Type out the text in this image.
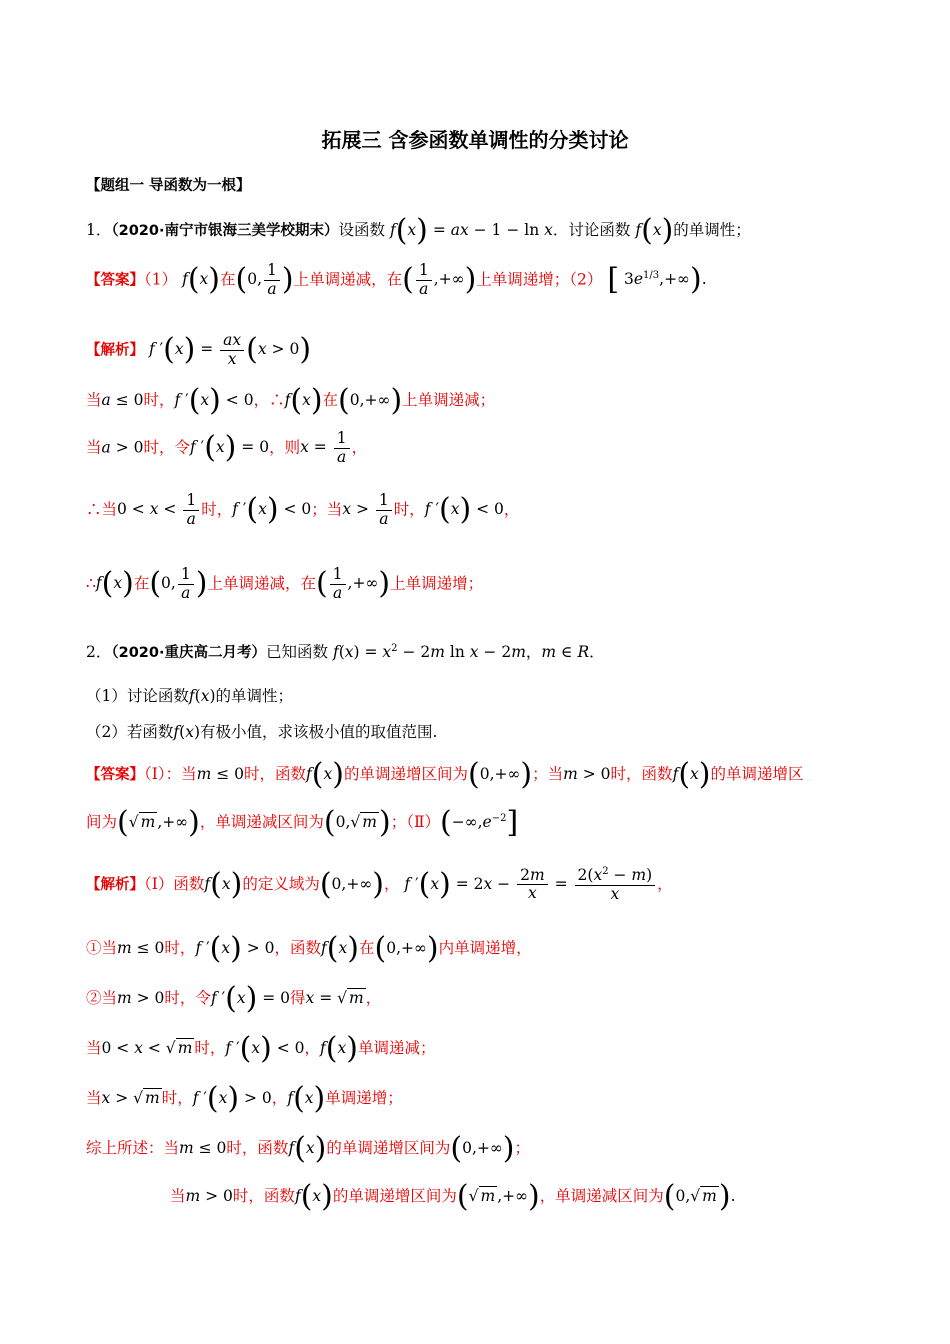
拓展三 含参函数单调性的分类讨论
【题组一 导函数为一根】
1．（2020·南宁市银海三美学校期末）设函数 f(x) = ax − 1 − ln x．讨论函数 f(x)的单调性；
【答案】（1） f(x)在(0, $\frac{1}{a}$ )上单调递减，在( $\frac{1}{a}$ ,+∞)上单调递增；（2） [ $3e^{1/3},+\infty$).
【解析】 f $'(x) = \frac{ax}{x} (x > 0)$
当a ≤ 0时，f ′(x) < 0，∴f(x)在(0,+∞)上单调递减；
当a > 0时，令f ′(x) = 0，则$x = \frac{1}{a}$ ，
∴当$0 < x < \frac{1}{a}$ 时，f ′(x) < 0；当$x > \frac{1}{a}$ 时，f ′(x) < 0，
∴f(x)在(0, $\frac{1}{a}$ )上单调递减，在( $\frac{1}{a}$ ,+∞)上单调递增；
2．（2020·重庆高二月考）已知函数 $f(x) = x^2 - 2m$ ln x − 2m，m ∈ R．
（1）讨论函数f(x)的单调性；
（2）若函数f(x)有极小值，求该极小值的取值范围.
【答案】（Ⅰ）：当m ≤ 0时，函数f(x)的单调递增区间为(0,+∞)；当m > 0时，函数f(x)的单调递增区
间为(√ m ,+∞)，单调递减区间为(0,√ m)；$(Ⅱ)(-\infty,e^{-2}]$
【解析】（Ⅰ）函数f(x)的定义域为(0,+∞)， f $'(x) = 2x - \frac{2m}{x} = \frac{2(x^2 - m)}{x}$ ，
①当m ≤ 0时，f ′(x) > 0，函数f(x)在(0,+∞)内单调递增，
②当m > 0时，令f ′(x) = 0得x = √ m ，
当0 < x < √ m 时，f ′(x) < 0，f(x)单调递减；
当x > √ m 时，f ′(x) > 0，f(x)单调递增；
综上所述：当m ≤ 0时，函数f(x)的单调递增区间为(0,+∞)；
当m > 0时，函数f(x)的单调递增区间为(√ m ,+∞)，单调递减区间为(0,√ m).
